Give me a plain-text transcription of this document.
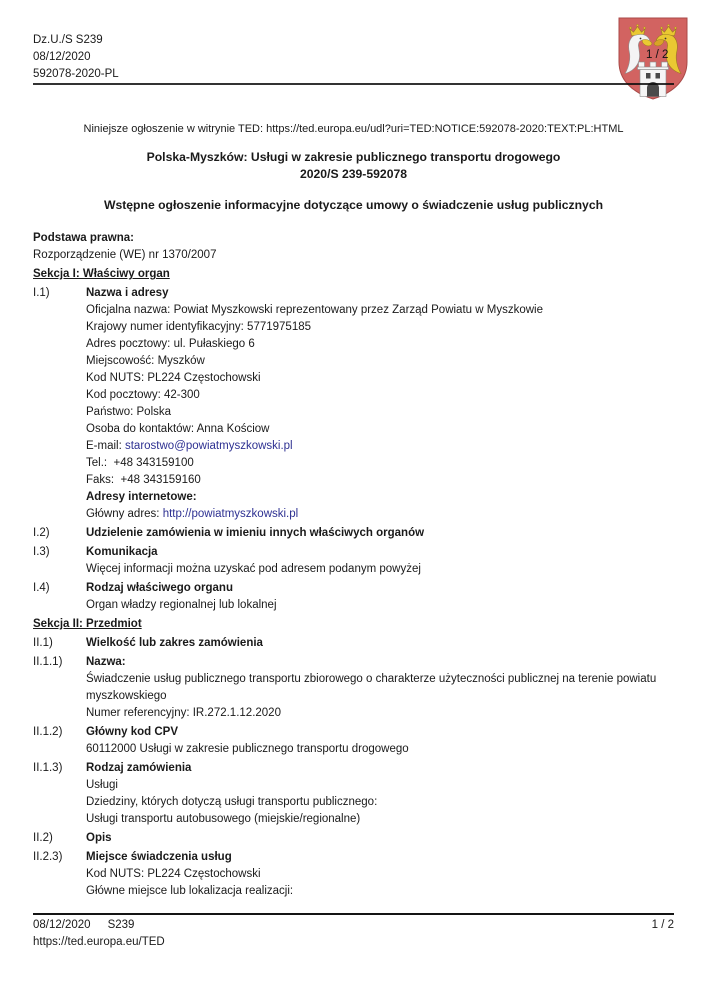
Dz.U./S S239
08/12/2020
592078-2020-PL
1 / 2
Niniejsze ogłoszenie w witrynie TED: https://ted.europa.eu/udl?uri=TED:NOTICE:592078-2020:TEXT:PL:HTML
Polska-Myszków: Usługi w zakresie publicznego transportu drogowego
2020/S 239-592078
Wstępne ogłoszenie informacyjne dotyczące umowy o świadczenie usług publicznych
Podstawa prawna:
Rozporządzenie (WE) nr 1370/2007
Sekcja I: Właściwy organ
I.1)	Nazwa i adresy
Oficjalna nazwa: Powiat Myszkowski reprezentowany przez Zarząd Powiatu w Myszkowie
Krajowy numer identyfikacyjny: 5771975185
Adres pocztowy: ul. Pułaskiego 6
Miejscowość: Myszków
Kod NUTS: PL224 Częstochowski
Kod pocztowy: 42-300
Państwo: Polska
Osoba do kontaktów: Anna Kościow
E-mail: starostwo@powiatmyszkowski.pl
Tel.:  +48 343159100
Faks:  +48 343159160
Adresy internetowe:
Główny adres: http://powiatmyszkowski.pl
I.2)	Udzielenie zamówienia w imieniu innych właściwych organów
I.3)	Komunikacja
Więcej informacji można uzyskać pod adresem podanym powyżej
I.4)	Rodzaj właściwego organu
Organ władzy regionalnej lub lokalnej
Sekcja II: Przedmiot
II.1)	Wielkość lub zakres zamówienia
II.1.1)	Nazwa:
Świadczenie usług publicznego transportu zbiorowego o charakterze użyteczności publicznej na terenie powiatu myszkowskiego
Numer referencyjny: IR.272.1.12.2020
II.1.2)	Główny kod CPV
60112000 Usługi w zakresie publicznego transportu drogowego
II.1.3)	Rodzaj zamówienia
Usługi
Dziedziny, których dotyczą usługi transportu publicznego:
Usługi transportu autobusowego (miejskie/regionalne)
II.2)	Opis
II.2.3)	Miejsce świadczenia usług
Kod NUTS: PL224 Częstochowski
Główne miejsce lub lokalizacja realizacji:
08/12/2020 S239	1 / 2
https://ted.europa.eu/TED
